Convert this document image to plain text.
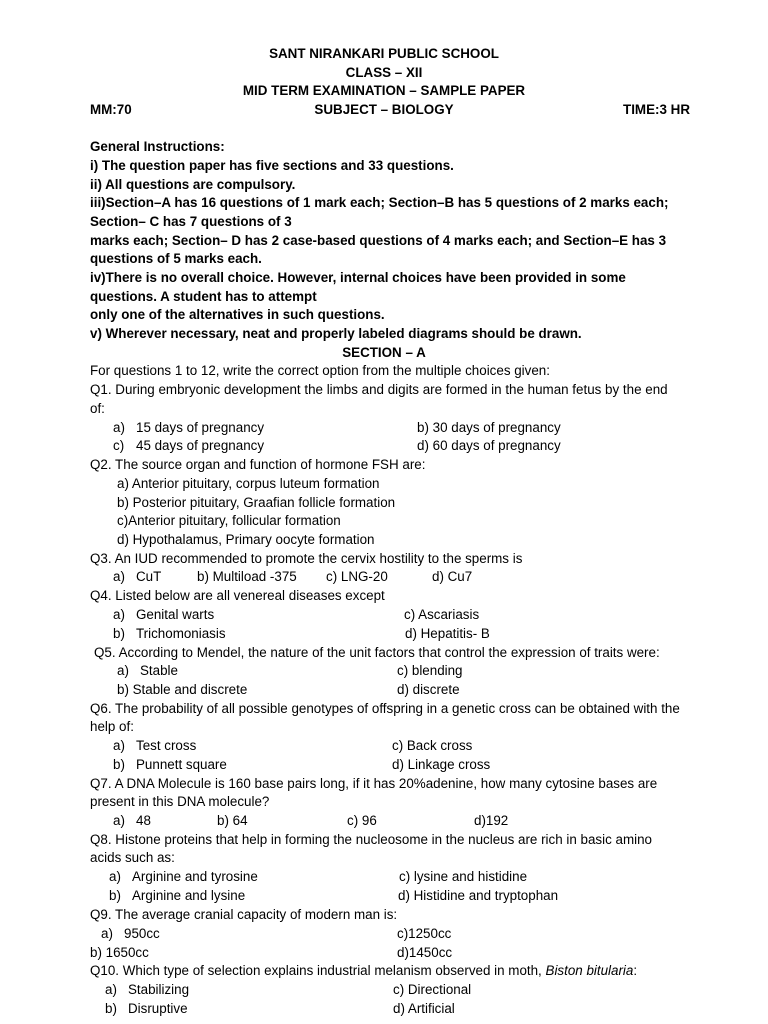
SANT NIRANKARI PUBLIC SCHOOL
CLASS – XII
MID TERM EXAMINATION – SAMPLE PAPER
MM:70	SUBJECT – BIOLOGY	TIME:3 HR
General Instructions:
i) The question paper has five sections and 33 questions.
ii) All questions are compulsory.
iii)Section–A has 16 questions of 1 mark each; Section–B has 5 questions of 2 marks each;
Section– C has 7 questions of 3
marks each; Section– D has 2 case-based questions of 4 marks each; and Section–E has 3
questions of 5 marks each.
iv)There is no overall choice. However, internal choices have been provided in some
questions. A student has to attempt
only one of the alternatives in such questions.
v) Wherever necessary, neat and properly labeled diagrams should be drawn.
SECTION – A
For questions 1 to 12, write the correct option from the multiple choices given:
Q1. During embryonic development the limbs and digits are formed in the human fetus by the end
of:
a) 15 days of pregnancy	b) 30 days of pregnancy
c) 45 days of pregnancy	d) 60 days of pregnancy
Q2. The source organ and function of hormone FSH are:
a) Anterior pituitary, corpus luteum formation
b) Posterior pituitary, Graafian follicle formation
c)Anterior pituitary, follicular formation
d) Hypothalamus, Primary oocyte formation
Q3. An IUD recommended to promote the cervix hostility to the sperms is
a) CuT	b) Multiload -375 c) LNG-20	d) Cu7
Q4. Listed below are all venereal diseases except
a) Genital warts	c) Ascariasis
b) Trichomoniasis	d) Hepatitis- B
Q5. According to Mendel, the nature of the unit factors that control the expression of traits were:
a) Stable	c) blending
b) Stable and discrete	d) discrete
Q6. The probability of all possible genotypes of offspring in a genetic cross can be obtained with the
help of:
a) Test cross	c) Back cross
b) Punnett square	d) Linkage cross
Q7. A DNA Molecule is 160 base pairs long, if it has 20%adenine, how many cytosine bases are
present in this DNA molecule?
a) 48	b) 64	c) 96	d)192
Q8. Histone proteins that help in forming the nucleosome in the nucleus are rich in basic amino
acids such as:
a) Arginine and tyrosine	c) lysine and histidine
b) Arginine and lysine	d) Histidine and tryptophan
Q9. The average cranial capacity of modern man is:
a) 950cc	c)1250cc
b) 1650cc	d)1450cc
Q10. Which type of selection explains industrial melanism observed in moth, Biston bitularia:
a) Stabilizing	c) Directional
b) Disruptive	d) Artificial
